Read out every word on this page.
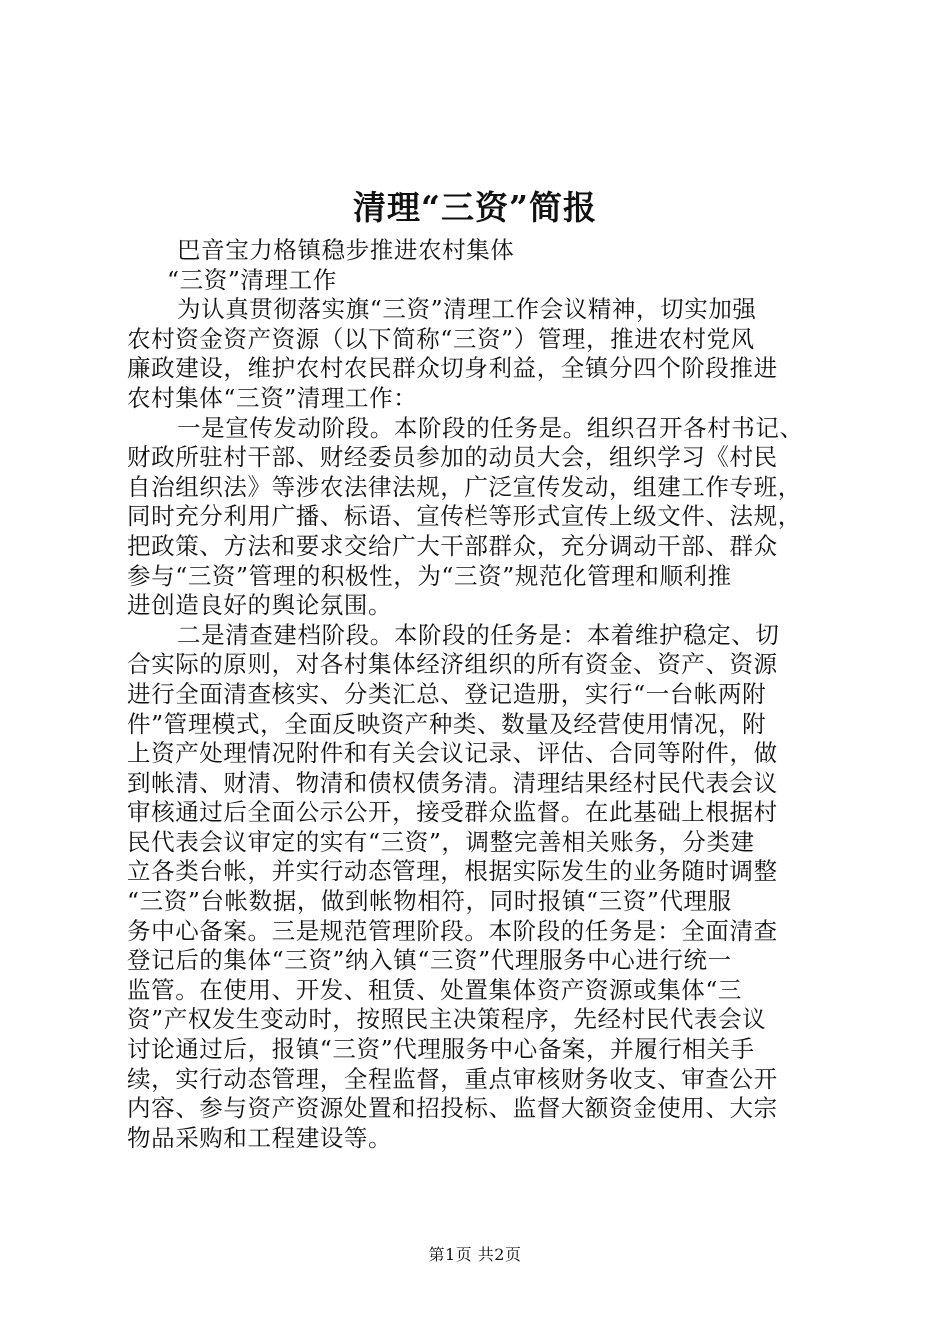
清理“三资”简报
巴音宝力格镇稳步推进农村集体
“三资”清理工作
为认真贯彻落实旗“三资”清理工作会议精神，切实加强
农村资金资产资源（以下简称“三资”）管理，推进农村党风
廉政建设，维护农村农民群众切身利益，全镇分四个阶段推进
农村集体“三资”清理工作：
一是宣传发动阶段。本阶段的任务是。组织召开各村书记、
财政所驻村干部、财经委员参加的动员大会，组织学习《村民
自治组织法》等涉农法律法规，广泛宣传发动，组建工作专班，
同时充分利用广播、标语、宣传栏等形式宣传上级文件、法规，
把政策、方法和要求交给广大干部群众，充分调动干部、群众
参与“三资”管理的积极性，为“三资”规范化管理和顺利推
进创造良好的舆论氛围。
二是清查建档阶段。本阶段的任务是：本着维护稳定、切
合实际的原则，对各村集体经济组织的所有资金、资产、资源
进行全面清查核实、分类汇总、登记造册，实行“一台帐两附
件”管理模式，全面反映资产种类、数量及经营使用情况，附
上资产处理情况附件和有关会议记录、评估、合同等附件，做
到帐清、财清、物清和债权债务清。清理结果经村民代表会议
审核通过后全面公示公开，接受群众监督。在此基础上根据村
民代表会议审定的实有“三资”，调整完善相关账务，分类建
立各类台帐，并实行动态管理，根据实际发生的业务随时调整
“三资”台帐数据，做到帐物相符，同时报镇“三资”代理服
务中心备案。三是规范管理阶段。本阶段的任务是：全面清查
登记后的集体“三资”纳入镇“三资”代理服务中心进行统一
监管。在使用、开发、租赁、处置集体资产资源或集体“三
资”产权发生变动时，按照民主决策程序，先经村民代表会议
讨论通过后，报镇“三资”代理服务中心备案，并履行相关手
续，实行动态管理，全程监督，重点审核财务收支、审查公开
内容、参与资产资源处置和招投标、监督大额资金使用、大宗
物品采购和工程建设等。
第1页 共2页
